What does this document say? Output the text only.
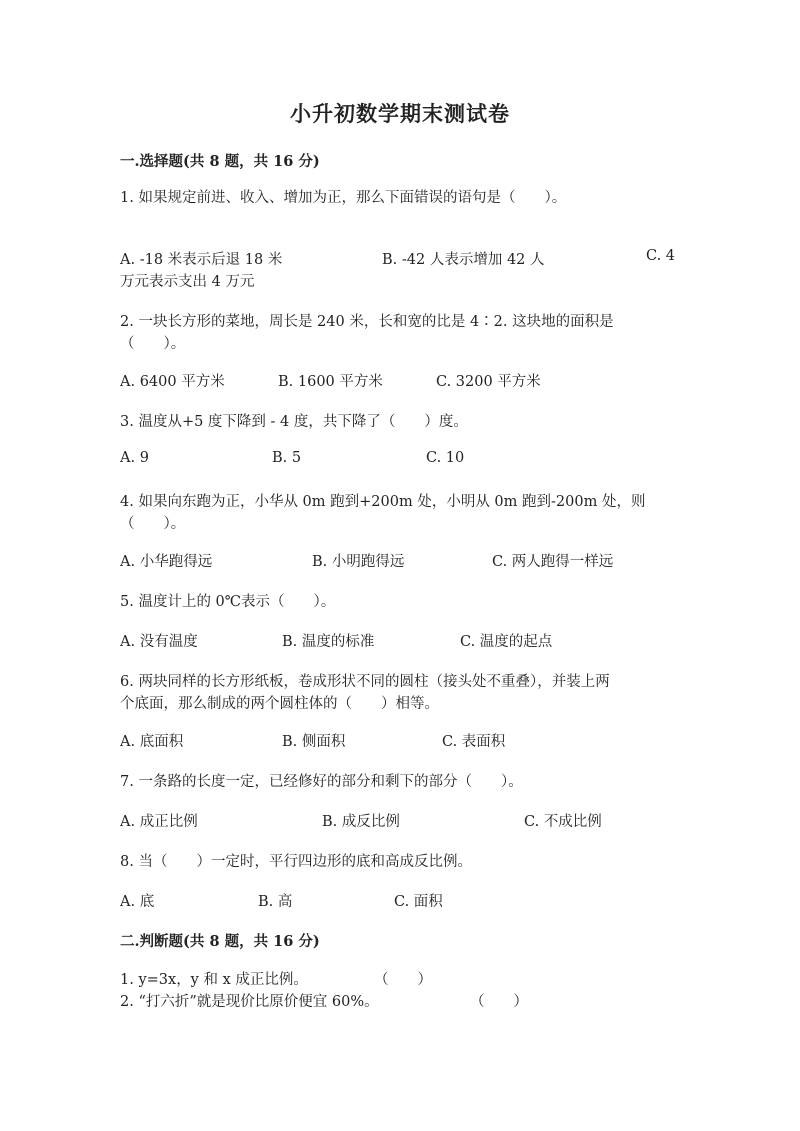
小升初数学期末测试卷
一.选择题(共 8 题，共 16 分)
1. 如果规定前进、收入、增加为正，那么下面错误的语句是（　　）。
A. -18 米表示后退 18 米	B. -42 人表示增加 42 人	C. 4
万元表示支出 4 万元
2. 一块长方形的菜地，周长是 240 米，长和宽的比是 4∶2. 这块地的面积是
（　　）。
A. 6400 平方米	B. 1600 平方米	C. 3200 平方米
3. 温度从+5 度下降到 - 4 度，共下降了（　　）度。
A. 9	B. 5	C. 10
4. 如果向东跑为正，小华从 0m 跑到+200m 处，小明从 0m 跑到-200m 处，则
（　　）。
A. 小华跑得远	B. 小明跑得远	C. 两人跑得一样远
5. 温度计上的 0℃表示（　　）。
A. 没有温度	B. 温度的标准	C. 温度的起点
6. 两块同样的长方形纸板，卷成形状不同的圆柱（接头处不重叠），并装上两
个底面，那么制成的两个圆柱体的（　　）相等。
A. 底面积	B. 侧面积	C. 表面积
7. 一条路的长度一定，已经修好的部分和剩下的部分（　　）。
A. 成正比例	B. 成反比例	C. 不成比例
8. 当（　　）一定时，平行四边形的底和高成反比例。
A. 底	B. 高	C. 面积
二.判断题(共 8 题，共 16 分)
1. y=3x，y 和 x 成正比例。	（　　）
2. “打六折”就是现价比原价便宜 60%。	（　　）
